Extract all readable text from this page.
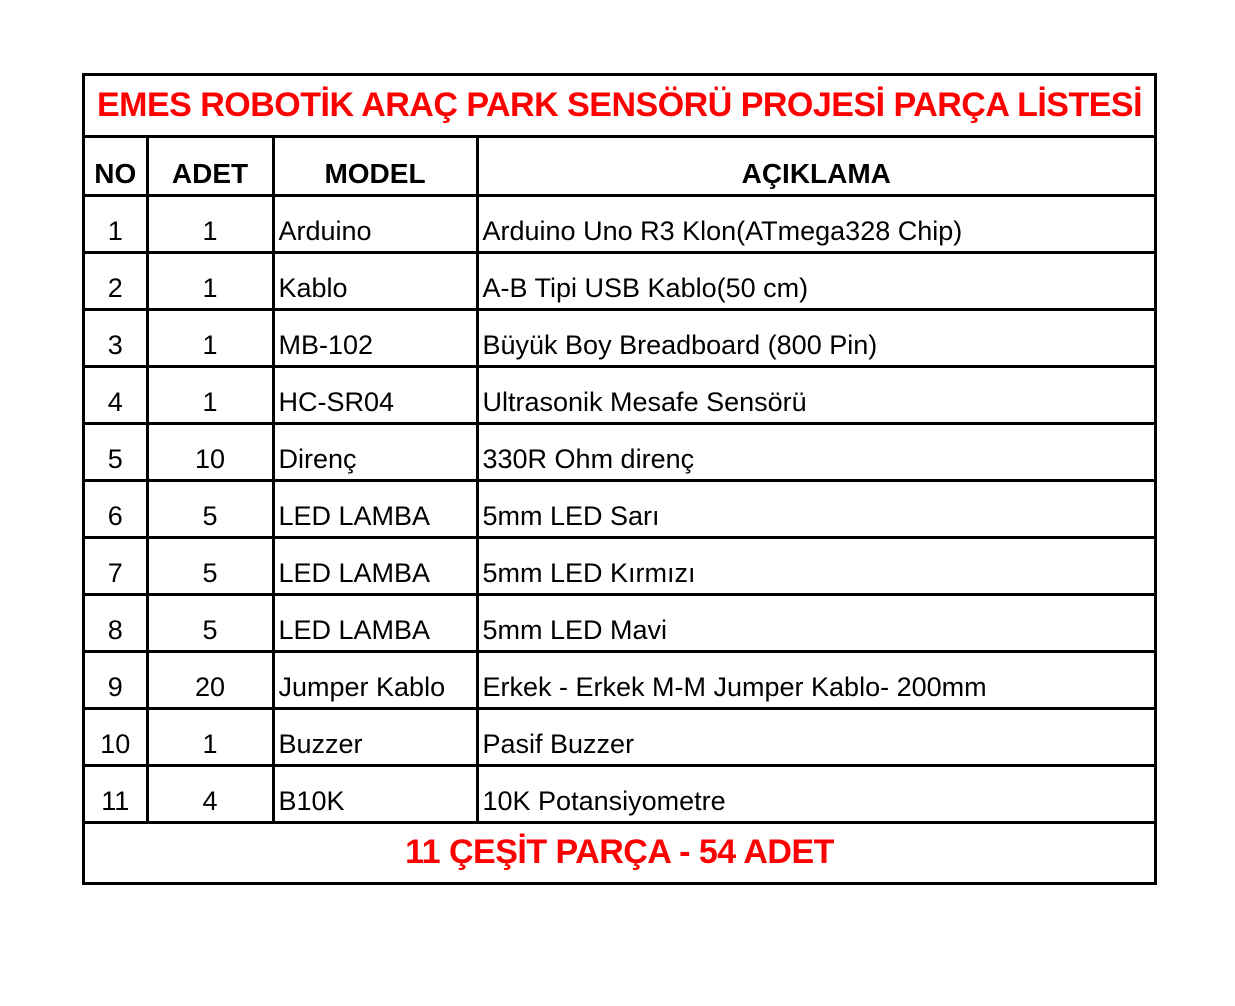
EMES ROBOTİK ARAÇ PARK SENSÖRÜ PROJESİ PARÇA LİSTESİ
NO	ADET	MODEL	AÇIKLAMA
1	1	Arduino	Arduino Uno R3 Klon(ATmega328 Chip)
2	1	Kablo	A-B Tipi USB Kablo(50 cm)
3	1	MB-102	Büyük Boy Breadboard (800 Pin)
4	1	HC-SR04	Ultrasonik Mesafe Sensörü
5	10	Direnç	330R Ohm direnç
6	5	LED LAMBA	5mm LED Sarı
7	5	LED LAMBA	5mm LED Kırmızı
8	5	LED LAMBA	5mm LED Mavi
9	20	Jumper Kablo	Erkek - Erkek M-M Jumper Kablo- 200mm
10	1	Buzzer	Pasif Buzzer
11	4	B10K	10K Potansiyometre
11 ÇEŞİT PARÇA - 54 ADET
